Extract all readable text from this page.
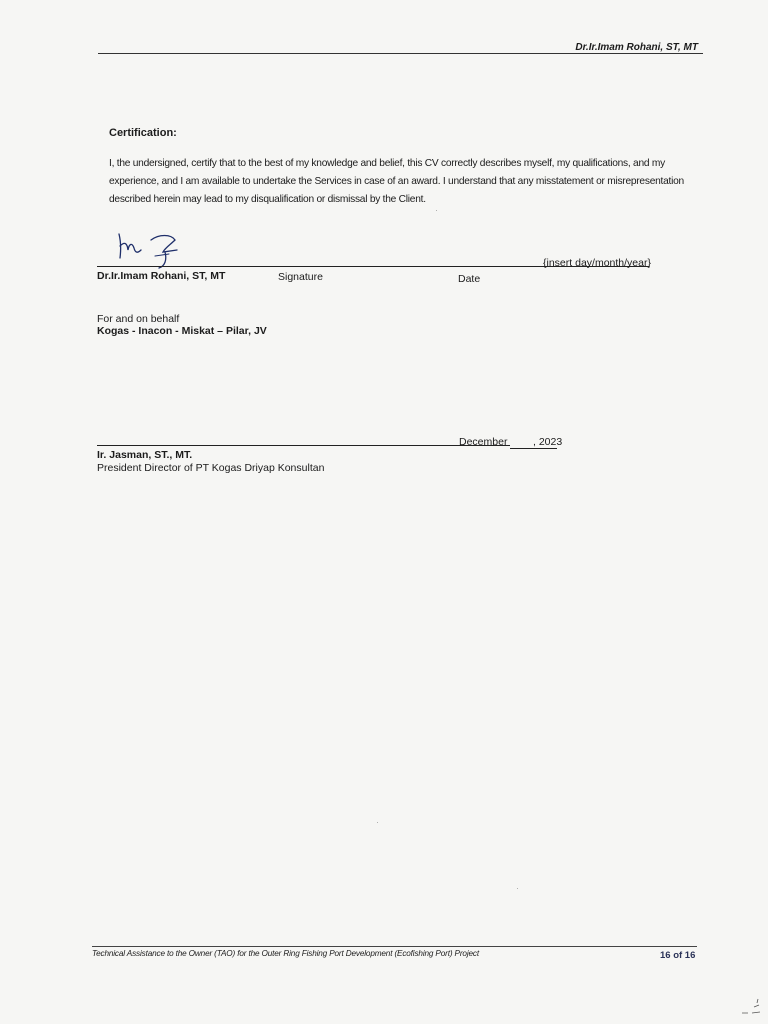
Dr.Ir.Imam Rohani, ST, MT
Certification:
I, the undersigned, certify that to the best of my knowledge and belief, this CV correctly describes myself, my qualifications, and my experience, and I am available to undertake the Services in case of an award. I understand that any misstatement or misrepresentation described herein may lead to my disqualification or dismissal by the Client.
{insert day/month/year}
Dr.Ir.Imam Rohani, ST, MT	Signature	Date
For and on behalf
Kogas - Inacon - Miskat – Pilar, JV
December , 2023
Ir. Jasman, ST., MT.
President Director of PT Kogas Driyap Konsultan
Technical Assistance to the Owner (TAO) for the Outer Ring Fishing Port Development (Ecofishing Port) Project	16 of 16
